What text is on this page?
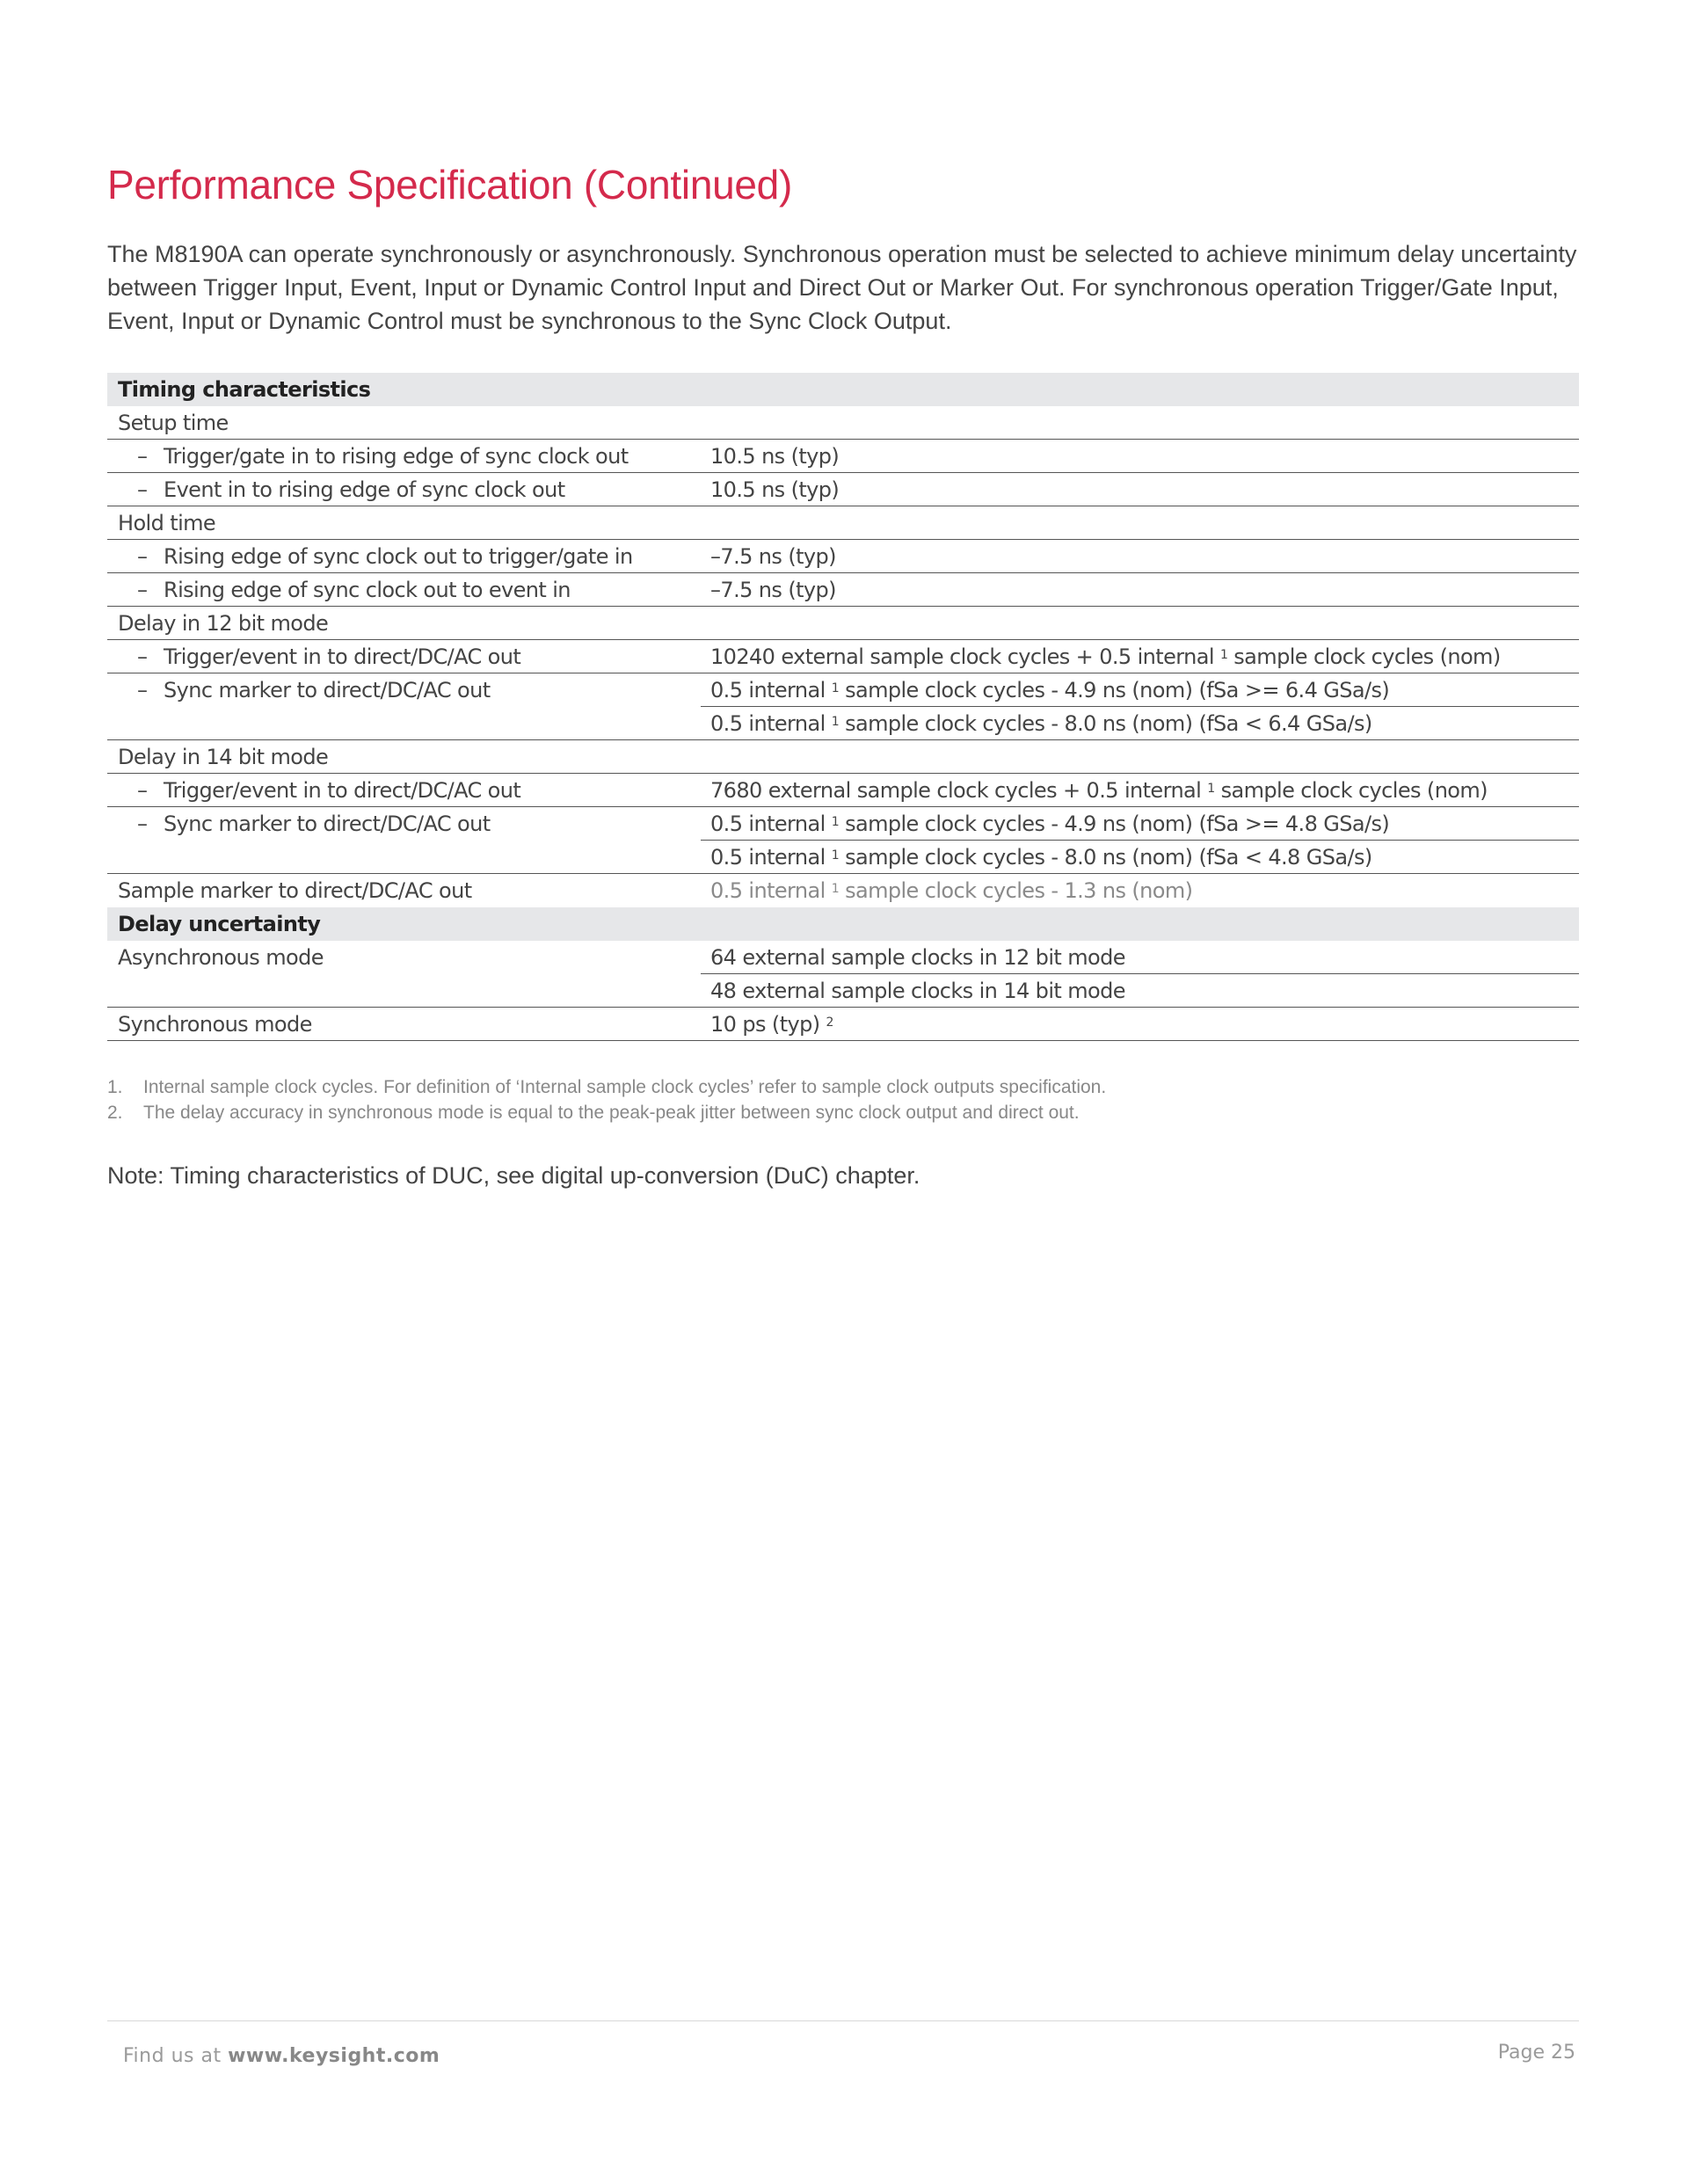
Performance Specification (Continued)

The M8190A can operate synchronously or asynchronously. Synchronous operation must be selected to achieve minimum delay uncertainty between Trigger Input, Event, Input or Dynamic Control Input and Direct Out or Marker Out. For synchronous operation Trigger/Gate Input, Event, Input or Dynamic Control must be synchronous to the Sync Clock Output.

Timing characteristics
Setup time
– Trigger/gate in to rising edge of sync clock out	10.5 ns (typ)
– Event in to rising edge of sync clock out	10.5 ns (typ)
Hold time
– Rising edge of sync clock out to trigger/gate in	–7.5 ns (typ)
– Rising edge of sync clock out to event in	–7.5 ns (typ)
Delay in 12 bit mode
– Trigger/event in to direct/DC/AC out	10240 external sample clock cycles + 0.5 internal $^1$ sample clock cycles (nom)
– Sync marker to direct/DC/AC out	0.5 internal $^1$ sample clock cycles - 4.9 ns (nom) (fSa >= 6.4 GSa/s)
0.5 internal $^1$ sample clock cycles - 8.0 ns (nom) (fSa < 6.4 GSa/s)
Delay in 14 bit mode
– Trigger/event in to direct/DC/AC out	7680 external sample clock cycles + 0.5 internal $^1$ sample clock cycles (nom)
– Sync marker to direct/DC/AC out	0.5 internal $^1$ sample clock cycles - 4.9 ns (nom) (fSa >= 4.8 GSa/s)
0.5 internal $^1$ sample clock cycles - 8.0 ns (nom) (fSa < 4.8 GSa/s)
Sample marker to direct/DC/AC out	0.5 internal $^1$ sample clock cycles - 1.3 ns (nom)
Delay uncertainty
Asynchronous mode	64 external sample clocks in 12 bit mode
48 external sample clocks in 14 bit mode
Synchronous mode	10 ps (typ) $^2$
1.	Internal sample clock cycles. For definition of ‘Internal sample clock cycles’ refer to sample clock outputs specification.
2.	The delay accuracy in synchronous mode is equal to the peak-peak jitter between sync clock output and direct out.
Note: Timing characteristics of DUC, see digital up-conversion (DuC) chapter.
Find us at www.keysight.com	Page 25
